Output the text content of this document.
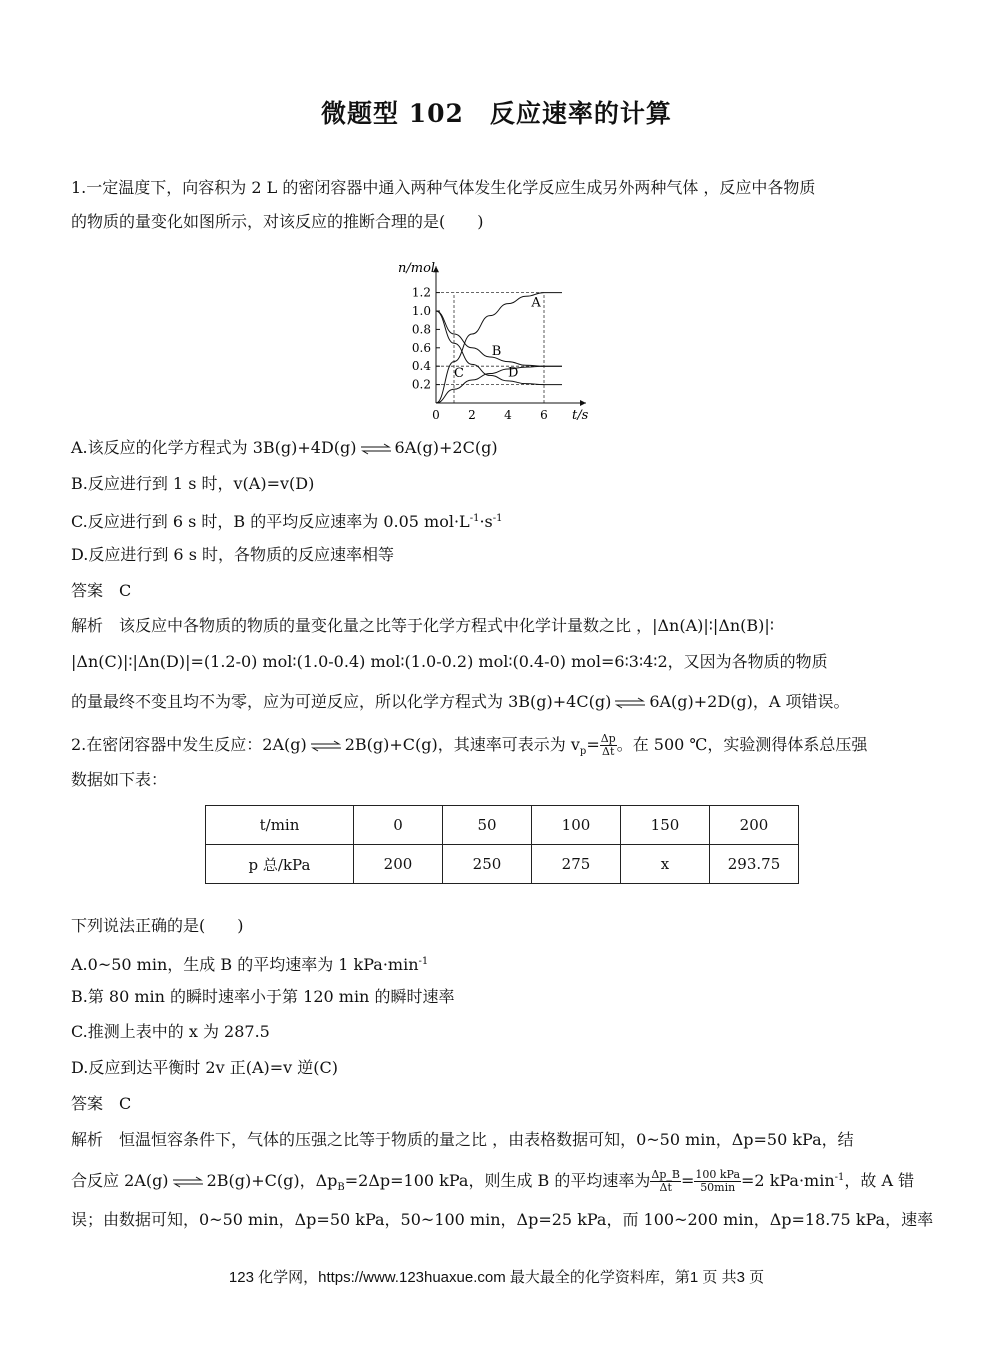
微题型 102　反应速率的计算
1.一定温度下，向容积为 2 L 的密闭容器中通入两种气体发生化学反应生成另外两种气体 ，反应中各物质
的物质的量变化如图所示，对该反应的推断合理的是(　　)
0.2
0.4
0.6
0.8
1.0
1.2
0 2 4 6
n/mol
t/s
A
B
C	D
A.该反应的化学方程式为 3B(g)+4D(g) ⇌ 6A(g)+2C(g)
B.反应进行到 1 s 时，v(A)=v(D)
C.反应进行到 6 s 时，B 的平均反应速率为 0.05 $mol\cdot L^{-1}\cdot s^{-1}$
D.反应进行到 6 s 时，各物质的反应速率相等
答案　C
解析　该反应中各物质的物质的量变化量之比等于化学方程式中化学计量数之比 ，|Δn(A)|∶|Δn(B)|∶
|Δn(C)|∶|Δn(D)|=(1.2-0) mol∶(1.0-0.4) mol∶(1.0-0.2) mol∶(0.4-0) mol=6∶3∶4∶2，又因为各物质的物质
的量最终不变且均不为零，应为可逆反应，所以化学方程式为 3B(g)+4C(g) ⇌ 6A(g)+2D(g)，A 项错误。
2.在密闭容器中发生反应：2A(g) ⇌ 2B(g)+C(g)，其速率可表示为 $v_p= \frac{\Delta p}{\Delta t}$ 。在 500 ℃，实验测得体系总压强
数据如下表：
t/min	0	50	100	150	200
p 总/kPa	200	250	275	x	293.75
下列说法正确的是(　　)
A.0~50 min，生成 B 的平均速率为 1 $kPa\cdot\min^{-1}$
B.第 80 min 的瞬时速率小于第 120 min 的瞬时速率
C.推测上表中的 x 为 287.5
D.反应到达平衡时 2v 正(A)=v 逆(C)
答案　C
解析　恒温恒容条件下，气体的压强之比等于物质的量之比 ，由表格数据可知，0~50 min，Δp=50 kPa，结
合反应 2A(g) ⇌ 2B(g)+C(g)，$\Delta p_B=2\Delta p=100$ kPa，则生成 B 的平均速率为 $\frac{\Delta p\_B}{\Delta t} = \frac{\text{100 kPa}}{50\min} =2$ $kPa\cdot\min^{-1}$，故 A 错
误；由数据可知，0~50 min，Δp=50 kPa，50~100 min，Δp=25 kPa，而 100~200 min，Δp=18.75 kPa，速率
123 化学网，https://www.123huaxue.com 最大最全的化学资料库，第1 页 共3 页
